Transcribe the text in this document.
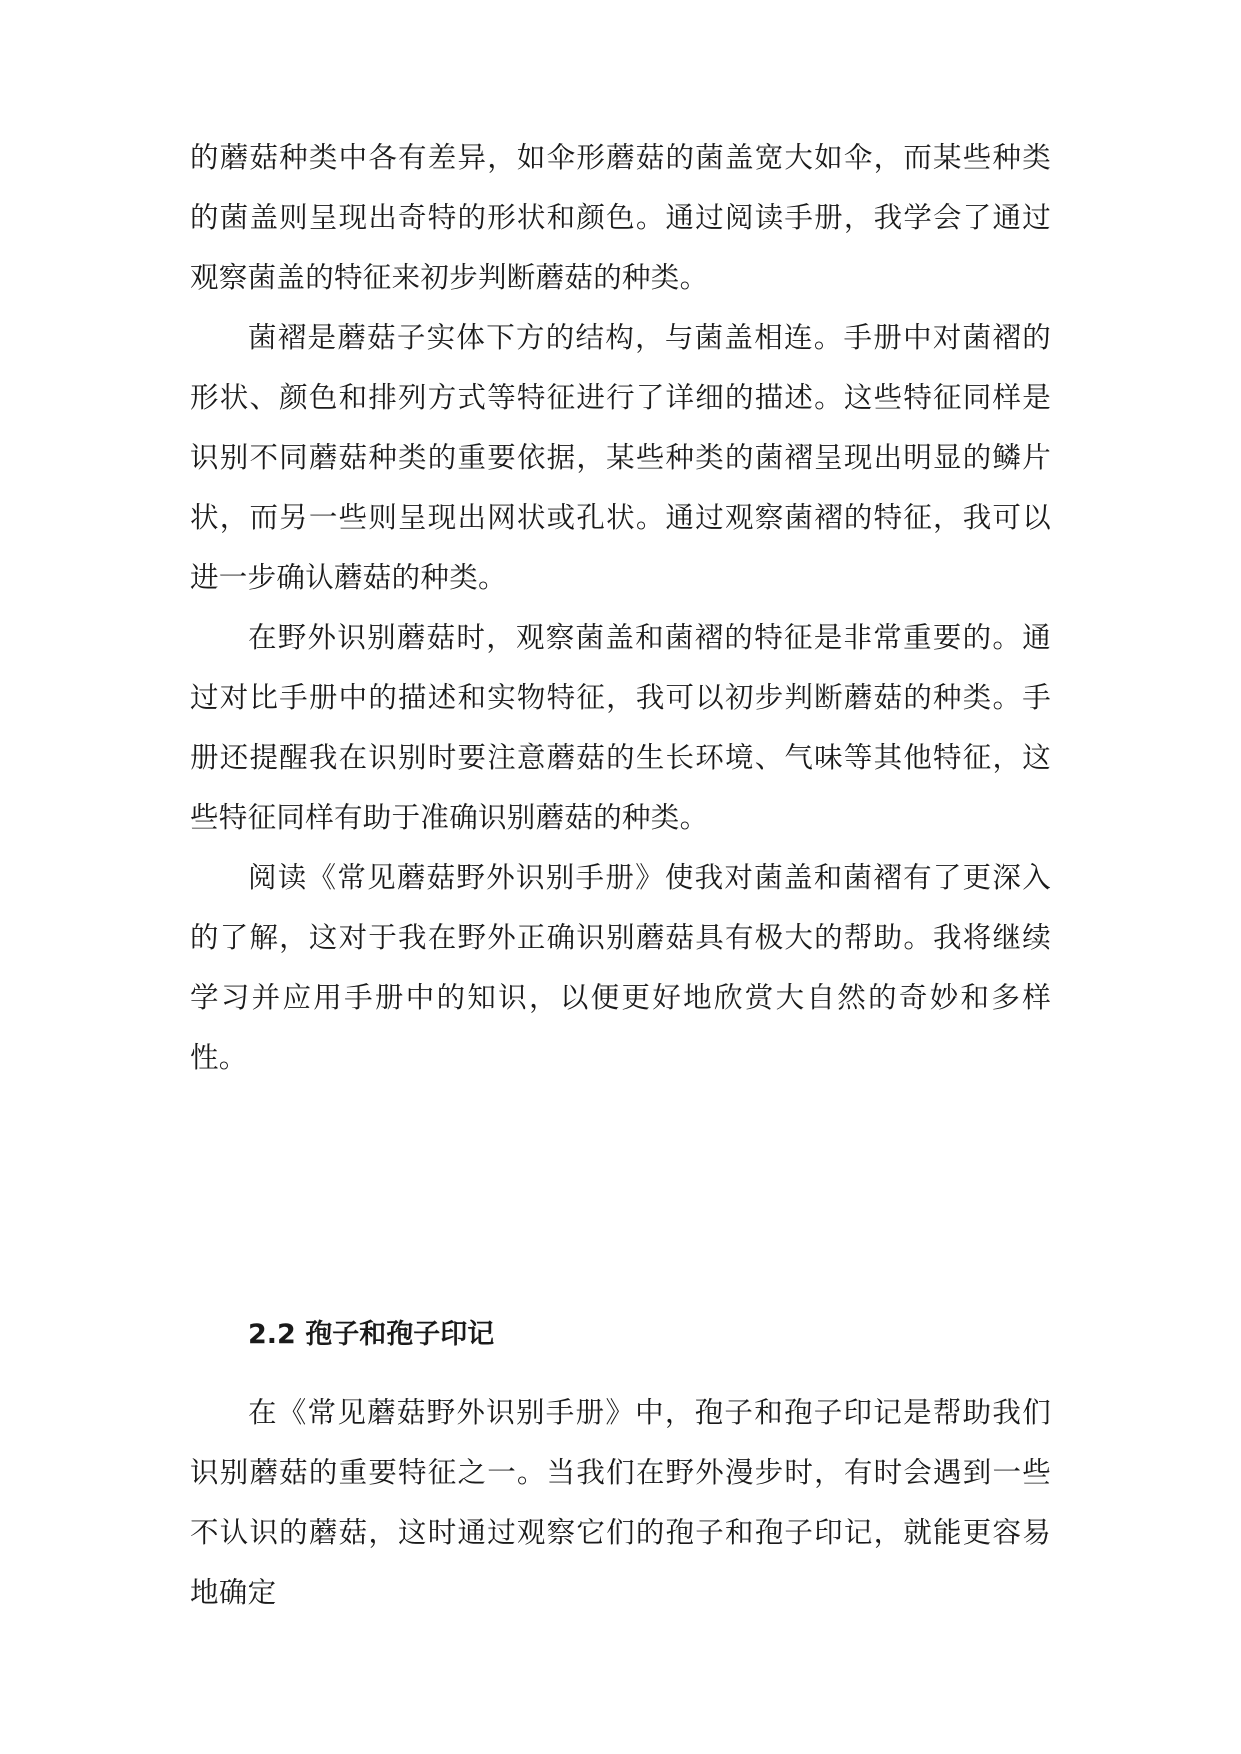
的蘑菇种类中各有差异，如伞形蘑菇的菌盖宽大如伞，而某些种类的菌盖则呈现出奇特的形状和颜色。通过阅读手册，我学会了通过观察菌盖的特征来初步判断蘑菇的种类。

菌褶是蘑菇子实体下方的结构，与菌盖相连。手册中对菌褶的形状、颜色和排列方式等特征进行了详细的描述。这些特征同样是识别不同蘑菇种类的重要依据，某些种类的菌褶呈现出明显的鳞片状，而另一些则呈现出网状或孔状。通过观察菌褶的特征，我可以进一步确认蘑菇的种类。

在野外识别蘑菇时，观察菌盖和菌褶的特征是非常重要的。通过对比手册中的描述和实物特征，我可以初步判断蘑菇的种类。手册还提醒我在识别时要注意蘑菇的生长环境、气味等其他特征，这些特征同样有助于准确识别蘑菇的种类。

阅读《常见蘑菇野外识别手册》使我对菌盖和菌褶有了更深入的了解，这对于我在野外正确识别蘑菇具有极大的帮助。我将继续学习并应用手册中的知识，以便更好地欣赏大自然的奇妙和多样性。

2.2 孢子和孢子印记

在《常见蘑菇野外识别手册》中，孢子和孢子印记是帮助我们识别蘑菇的重要特征之一。当我们在野外漫步时，有时会遇到一些不认识的蘑菇，这时通过观察它们的孢子和孢子印记，就能更容易地确定
